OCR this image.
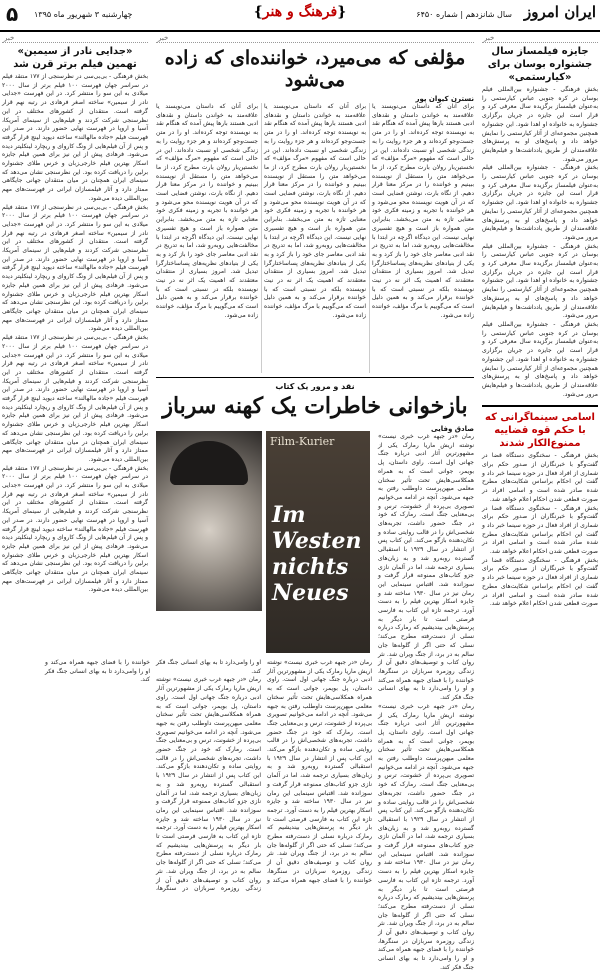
ایران امروز
سال شانزدهم | شماره ۶۴۵۰
{فرهنگ و هنر}
چهارشنبه ۳ شهریور ماه ۱۳۹۵
۵
خبر
جایزه فیلمساز سال جشنواره بوسان برای «کیارستمی»
بخش فرهنگی - جشنواره بین‌المللی فیلم بوسان در کره جنوبی عباس کیارستمی را به‌عنوان فیلمساز برگزیده سال معرفی کرد و قرار است این جایزه در جریان برگزاری جشنواره به خانواده او اهدا شود. این جشنواره همچنین مجموعه‌ای از آثار کیارستمی را نمایش خواهد داد و پاسخ‌های او به پرسش‌های علاقه‌مندان از طریق یادداشت‌ها و فیلم‌هایش مرور می‌شود.
بخش فرهنگی - جشنواره بین‌المللی فیلم بوسان در کره جنوبی عباس کیارستمی را به‌عنوان فیلمساز برگزیده سال معرفی کرد و قرار است این جایزه در جریان برگزاری جشنواره به خانواده او اهدا شود. این جشنواره همچنین مجموعه‌ای از آثار کیارستمی را نمایش خواهد داد و پاسخ‌های او به پرسش‌های علاقه‌مندان از طریق یادداشت‌ها و فیلم‌هایش مرور می‌شود.
بخش فرهنگی - جشنواره بین‌المللی فیلم بوسان در کره جنوبی عباس کیارستمی را به‌عنوان فیلمساز برگزیده سال معرفی کرد و قرار است این جایزه در جریان برگزاری جشنواره به خانواده او اهدا شود. این جشنواره همچنین مجموعه‌ای از آثار کیارستمی را نمایش خواهد داد و پاسخ‌های او به پرسش‌های علاقه‌مندان از طریق یادداشت‌ها و فیلم‌هایش مرور می‌شود.
بخش فرهنگی - جشنواره بین‌المللی فیلم بوسان در کره جنوبی عباس کیارستمی را به‌عنوان فیلمساز برگزیده سال معرفی کرد و قرار است این جایزه در جریان برگزاری جشنواره به خانواده او اهدا شود. این جشنواره همچنین مجموعه‌ای از آثار کیارستمی را نمایش خواهد داد و پاسخ‌های او به پرسش‌های علاقه‌مندان از طریق یادداشت‌ها و فیلم‌هایش مرور می‌شود.
اسامی سینماگرانی که با حکم قوه قضاییه ممنوع‌الکار شدند
بخش فرهنگی - سخنگوی دستگاه قضا در گفت‌وگو با خبرنگاران از صدور حکم برای شماری از افراد فعال در حوزه سینما خبر داد و گفت این احکام براساس شکایت‌های مطرح شده صادر شده است و اسامی افراد در صورت قطعی شدن احکام اعلام خواهد شد.
بخش فرهنگی - سخنگوی دستگاه قضا در گفت‌وگو با خبرنگاران از صدور حکم برای شماری از افراد فعال در حوزه سینما خبر داد و گفت این احکام براساس شکایت‌های مطرح شده صادر شده است و اسامی افراد در صورت قطعی شدن احکام اعلام خواهد شد.
بخش فرهنگی - سخنگوی دستگاه قضا در گفت‌وگو با خبرنگاران از صدور حکم برای شماری از افراد فعال در حوزه سینما خبر داد و گفت این احکام براساس شکایت‌های مطرح شده صادر شده است و اسامی افراد در صورت قطعی شدن احکام اعلام خواهد شد.
خبر
مؤلفی که می‌میرد، خواننده‌ای که زاده می‌شود
نسترن کیوان پور
برای آنان که داستان می‌نویسند یا علاقه‌مند به خواندن داستان و نقدهای ادبی هستند بارها پیش آمده که هنگام نقد به نویسنده توجه کرده‌اند. او را در متن جست‌وجو کرده‌اند و هر جزء روایت را به زندگی شخصی او نسبت داده‌اند. این در حالی است که مفهوم «مرگ مؤلف» که نخستین‌بار رولان بارت مطرح کرد، از ما می‌خواهد متن را مستقل از نویسنده ببینیم و خواننده را در مرکز معنا قرار دهیم. از نگاه بارت، نوشتن فضایی است که در آن هویت نویسنده محو می‌شود و هر خواننده با تجربه و زمینه فکری خود معنایی تازه به متن می‌بخشد. بنابراین متن همواره باز است و هیچ تفسیری نهایی نیست. این دیدگاه اگرچه در ابتدا با مخالفت‌هایی روبه‌رو شد، اما به تدریج در نقد ادبی معاصر جای خود را باز کرد و به یکی از بنیادهای نظریه‌های پساساختارگرا تبدیل شد. امروز بسیاری از منتقدان معتقدند که اهمیت یک اثر نه در نیت نویسنده بلکه در نسبتی است که با خواننده برقرار می‌کند و به همین دلیل است که می‌گوییم با مرگ مؤلف، خواننده زاده می‌شود.
برای آنان که داستان می‌نویسند یا علاقه‌مند به خواندن داستان و نقدهای ادبی هستند بارها پیش آمده که هنگام نقد به نویسنده توجه کرده‌اند. او را در متن جست‌وجو کرده‌اند و هر جزء روایت را به زندگی شخصی او نسبت داده‌اند. این در حالی است که مفهوم «مرگ مؤلف» که نخستین‌بار رولان بارت مطرح کرد، از ما می‌خواهد متن را مستقل از نویسنده ببینیم و خواننده را در مرکز معنا قرار دهیم. از نگاه بارت، نوشتن فضایی است که در آن هویت نویسنده محو می‌شود و هر خواننده با تجربه و زمینه فکری خود معنایی تازه به متن می‌بخشد. بنابراین متن همواره باز است و هیچ تفسیری نهایی نیست. این دیدگاه اگرچه در ابتدا با مخالفت‌هایی روبه‌رو شد، اما به تدریج در نقد ادبی معاصر جای خود را باز کرد و به یکی از بنیادهای نظریه‌های پساساختارگرا تبدیل شد. امروز بسیاری از منتقدان معتقدند که اهمیت یک اثر نه در نیت نویسنده بلکه در نسبتی است که با خواننده برقرار می‌کند و به همین دلیل است که می‌گوییم با مرگ مؤلف، خواننده زاده می‌شود.
برای آنان که داستان می‌نویسند یا علاقه‌مند به خواندن داستان و نقدهای ادبی هستند بارها پیش آمده که هنگام نقد به نویسنده توجه کرده‌اند. او را در متن جست‌وجو کرده‌اند و هر جزء روایت را به زندگی شخصی او نسبت داده‌اند. این در حالی است که مفهوم «مرگ مؤلف» که نخستین‌بار رولان بارت مطرح کرد، از ما می‌خواهد متن را مستقل از نویسنده ببینیم و خواننده را در مرکز معنا قرار دهیم. از نگاه بارت، نوشتن فضایی است که در آن هویت نویسنده محو می‌شود و هر خواننده با تجربه و زمینه فکری خود معنایی تازه به متن می‌بخشد. بنابراین متن همواره باز است و هیچ تفسیری نهایی نیست. این دیدگاه اگرچه در ابتدا با مخالفت‌هایی روبه‌رو شد، اما به تدریج در نقد ادبی معاصر جای خود را باز کرد و به یکی از بنیادهای نظریه‌های پساساختارگرا تبدیل شد. امروز بسیاری از منتقدان معتقدند که اهمیت یک اثر نه در نیت نویسنده بلکه در نسبتی است که با خواننده برقرار می‌کند و به همین دلیل است که می‌گوییم با مرگ مؤلف، خواننده زاده می‌شود.
نقد و مرور یک کتاب
بازخوانی خاطرات یک کهنه سرباز
صادق وفایی
رمان «در جبهه غرب خبری نیست» نوشته اریش ماریا رمارک یکی از مشهورترین آثار ادبی درباره جنگ جهانی اول است. راوی داستان، پل بویمر، جوانی است که به همراه همکلاسی‌هایش تحت تأثیر سخنان معلمی میهن‌پرست داوطلب رفتن به جبهه می‌شود. آنچه در ادامه می‌خوانیم تصویری بی‌پرده از خشونت، ترس و بی‌معنایی جنگ است. رمارک که خود در جنگ حضور داشت، تجربه‌های شخصی‌اش را در قالب روایتی ساده و تکان‌دهنده بازگو می‌کند. این کتاب پس از انتشار در سال ۱۹۲۹ با استقبالی گسترده روبه‌رو شد و به زبان‌های بسیاری ترجمه شد، اما در آلمان نازی جزو کتاب‌های ممنوعه قرار گرفت و سوزانده شد. اقتباس سینمایی این رمان نیز در سال ۱۹۳۰ ساخته شد و جایزه اسکار بهترین فیلم را به دست آورد. ترجمه تازه این کتاب به فارسی فرصتی است تا بار دیگر به پرسش‌هایی بیندیشیم که رمارک درباره نسلی از دست‌رفته مطرح می‌کند؛ نسلی که حتی اگر از گلوله‌ها جان سالم به در برد، از جنگ ویران شد. نثر روان کتاب و توصیف‌های دقیق آن از زندگی روزمره سربازان در سنگرها، خواننده را با فضای جبهه همراه می‌کند و او را وامی‌دارد تا به بهای انسانی جنگ فکر کند.
رمان «در جبهه غرب خبری نیست» نوشته اریش ماریا رمارک یکی از مشهورترین آثار ادبی درباره جنگ جهانی اول است. راوی داستان، پل بویمر، جوانی است که به همراه همکلاسی‌هایش تحت تأثیر سخنان معلمی میهن‌پرست داوطلب رفتن به جبهه می‌شود. آنچه در ادامه می‌خوانیم تصویری بی‌پرده از خشونت، ترس و بی‌معنایی جنگ است. رمارک که خود در جنگ حضور داشت، تجربه‌های شخصی‌اش را در قالب روایتی ساده و تکان‌دهنده بازگو می‌کند. این کتاب پس از انتشار در سال ۱۹۲۹ با استقبالی گسترده روبه‌رو شد و به زبان‌های بسیاری ترجمه شد، اما در آلمان نازی جزو کتاب‌های ممنوعه قرار گرفت و سوزانده شد. اقتباس سینمایی این رمان نیز در سال ۱۹۳۰ ساخته شد و جایزه اسکار بهترین فیلم را به دست آورد. ترجمه تازه این کتاب به فارسی فرصتی است تا بار دیگر به پرسش‌هایی بیندیشیم که رمارک درباره نسلی از دست‌رفته مطرح می‌کند؛ نسلی که حتی اگر از گلوله‌ها جان سالم به در برد، از جنگ ویران شد. نثر روان کتاب و توصیف‌های دقیق آن از زندگی روزمره سربازان در سنگرها، خواننده را با فضای جبهه همراه می‌کند و او را وامی‌دارد تا به بهای انسانی جنگ فکر کند.
Film-Kurier
Im Westen nichts Neues
رمان «در جبهه غرب خبری نیست» نوشته اریش ماریا رمارک یکی از مشهورترین آثار ادبی درباره جنگ جهانی اول است. راوی داستان، پل بویمر، جوانی است که به همراه همکلاسی‌هایش تحت تأثیر سخنان معلمی میهن‌پرست داوطلب رفتن به جبهه می‌شود. آنچه در ادامه می‌خوانیم تصویری بی‌پرده از خشونت، ترس و بی‌معنایی جنگ است. رمارک که خود در جنگ حضور داشت، تجربه‌های شخصی‌اش را در قالب روایتی ساده و تکان‌دهنده بازگو می‌کند. این کتاب پس از انتشار در سال ۱۹۲۹ با استقبالی گسترده روبه‌رو شد و به زبان‌های بسیاری ترجمه شد، اما در آلمان نازی جزو کتاب‌های ممنوعه قرار گرفت و سوزانده شد. اقتباس سینمایی این رمان نیز در سال ۱۹۳۰ ساخته شد و جایزه اسکار بهترین فیلم را به دست آورد. ترجمه تازه این کتاب به فارسی فرصتی است تا بار دیگر به پرسش‌هایی بیندیشیم که رمارک درباره نسلی از دست‌رفته مطرح می‌کند؛ نسلی که حتی اگر از گلوله‌ها جان سالم به در برد، از جنگ ویران شد. نثر روان کتاب و توصیف‌های دقیق آن از زندگی روزمره سربازان در سنگرها، خواننده را با فضای جبهه همراه می‌کند و او را وامی‌دارد تا به بهای انسانی جنگ فکر کند.
رمان «در جبهه غرب خبری نیست» نوشته اریش ماریا رمارک یکی از مشهورترین آثار ادبی درباره جنگ جهانی اول است. راوی داستان، پل بویمر، جوانی است که به همراه همکلاسی‌هایش تحت تأثیر سخنان معلمی میهن‌پرست داوطلب رفتن به جبهه می‌شود. آنچه در ادامه می‌خوانیم تصویری بی‌پرده از خشونت، ترس و بی‌معنایی جنگ است. رمارک که خود در جنگ حضور داشت، تجربه‌های شخصی‌اش را در قالب روایتی ساده و تکان‌دهنده بازگو می‌کند. این کتاب پس از انتشار در سال ۱۹۲۹ با استقبالی گسترده روبه‌رو شد و به زبان‌های بسیاری ترجمه شد، اما در آلمان نازی جزو کتاب‌های ممنوعه قرار گرفت و سوزانده شد. اقتباس سینمایی این رمان نیز در سال ۱۹۳۰ ساخته شد و جایزه اسکار بهترین فیلم را به دست آورد. ترجمه تازه این کتاب به فارسی فرصتی است تا بار دیگر به پرسش‌هایی بیندیشیم که رمارک درباره نسلی از دست‌رفته مطرح می‌کند؛ نسلی که حتی اگر از گلوله‌ها جان سالم به در برد، از جنگ ویران شد. نثر روان کتاب و توصیف‌های دقیق آن از زندگی روزمره سربازان در سنگرها، خواننده را با فضای جبهه همراه می‌کند و او را وامی‌دارد تا به بهای انسانی جنگ فکر کند.
خبر
«جدایی نادر از سیمین» تهمین فیلم برتر قرن شد
بخش فرهنگی - بی‌بی‌سی در نظرسنجی از ۱۷۷ منتقد فیلم در سراسر جهان فهرست ۱۰۰ فیلم برتر از سال ۲۰۰۰ میلادی به این سو را منتشر کرد. در این فهرست «جدایی نادر از سیمین» ساخته اصغر فرهادی در رتبه نهم قرار گرفته است. منتقدان از کشورهای مختلف در این نظرسنجی شرکت کردند و فیلم‌هایی از سینمای آمریکا، آسیا و اروپا در فهرست نهایی حضور دارند. در صدر این فهرست فیلم «جاده مالهالند» ساخته دیوید لینچ قرار گرفته و پس از آن فیلم‌هایی از ونگ کاروای و ریچارد لینکلیتر دیده می‌شود. فرهادی پیش از این نیز برای همین فیلم جایزه اسکار بهترین فیلم خارجی‌زبان و خرس طلای جشنواره برلین را دریافت کرده بود. این نظرسنجی نشان می‌دهد که سینمای ایران همچنان در میان منتقدان جهانی جایگاهی ممتاز دارد و آثار فیلمسازان ایرانی در فهرست‌های مهم بین‌المللی دیده می‌شود.
بخش فرهنگی - بی‌بی‌سی در نظرسنجی از ۱۷۷ منتقد فیلم در سراسر جهان فهرست ۱۰۰ فیلم برتر از سال ۲۰۰۰ میلادی به این سو را منتشر کرد. در این فهرست «جدایی نادر از سیمین» ساخته اصغر فرهادی در رتبه نهم قرار گرفته است. منتقدان از کشورهای مختلف در این نظرسنجی شرکت کردند و فیلم‌هایی از سینمای آمریکا، آسیا و اروپا در فهرست نهایی حضور دارند. در صدر این فهرست فیلم «جاده مالهالند» ساخته دیوید لینچ قرار گرفته و پس از آن فیلم‌هایی از ونگ کاروای و ریچارد لینکلیتر دیده می‌شود. فرهادی پیش از این نیز برای همین فیلم جایزه اسکار بهترین فیلم خارجی‌زبان و خرس طلای جشنواره برلین را دریافت کرده بود. این نظرسنجی نشان می‌دهد که سینمای ایران همچنان در میان منتقدان جهانی جایگاهی ممتاز دارد و آثار فیلمسازان ایرانی در فهرست‌های مهم بین‌المللی دیده می‌شود.
بخش فرهنگی - بی‌بی‌سی در نظرسنجی از ۱۷۷ منتقد فیلم در سراسر جهان فهرست ۱۰۰ فیلم برتر از سال ۲۰۰۰ میلادی به این سو را منتشر کرد. در این فهرست «جدایی نادر از سیمین» ساخته اصغر فرهادی در رتبه نهم قرار گرفته است. منتقدان از کشورهای مختلف در این نظرسنجی شرکت کردند و فیلم‌هایی از سینمای آمریکا، آسیا و اروپا در فهرست نهایی حضور دارند. در صدر این فهرست فیلم «جاده مالهالند» ساخته دیوید لینچ قرار گرفته و پس از آن فیلم‌هایی از ونگ کاروای و ریچارد لینکلیتر دیده می‌شود. فرهادی پیش از این نیز برای همین فیلم جایزه اسکار بهترین فیلم خارجی‌زبان و خرس طلای جشنواره برلین را دریافت کرده بود. این نظرسنجی نشان می‌دهد که سینمای ایران همچنان در میان منتقدان جهانی جایگاهی ممتاز دارد و آثار فیلمسازان ایرانی در فهرست‌های مهم بین‌المللی دیده می‌شود.
بخش فرهنگی - بی‌بی‌سی در نظرسنجی از ۱۷۷ منتقد فیلم در سراسر جهان فهرست ۱۰۰ فیلم برتر از سال ۲۰۰۰ میلادی به این سو را منتشر کرد. در این فهرست «جدایی نادر از سیمین» ساخته اصغر فرهادی در رتبه نهم قرار گرفته است. منتقدان از کشورهای مختلف در این نظرسنجی شرکت کردند و فیلم‌هایی از سینمای آمریکا، آسیا و اروپا در فهرست نهایی حضور دارند. در صدر این فهرست فیلم «جاده مالهالند» ساخته دیوید لینچ قرار گرفته و پس از آن فیلم‌هایی از ونگ کاروای و ریچارد لینکلیتر دیده می‌شود. فرهادی پیش از این نیز برای همین فیلم جایزه اسکار بهترین فیلم خارجی‌زبان و خرس طلای جشنواره برلین را دریافت کرده بود. این نظرسنجی نشان می‌دهد که سینمای ایران همچنان در میان منتقدان جهانی جایگاهی ممتاز دارد و آثار فیلمسازان ایرانی در فهرست‌های مهم بین‌المللی دیده می‌شود.
